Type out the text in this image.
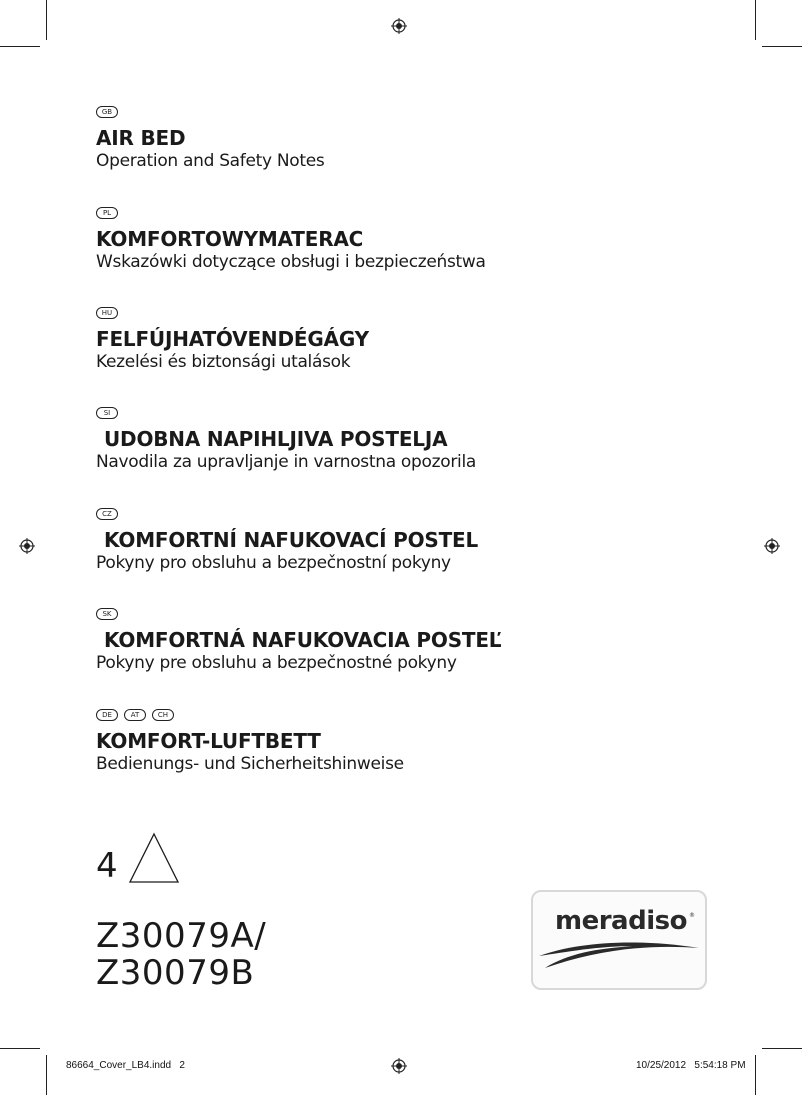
GB
AIR BED
Operation and Safety Notes
PL
KOMFORTOWYMATERAC
Wskazówki dotyczące obsługi i bezpieczeństwa
HU
FELFÚJHATÓVENDÉGÁGY
Kezelési és biztonsági utalások
SI
UDOBNA NAPIHLJIVA POSTELJA
Navodila za upravljanje in varnostna opozorila
CZ
KOMFORTNÍ NAFUKOVACÍ POSTEL
Pokyny pro obsluhu a bezpečnostní pokyny
SK
KOMFORTNÁ NAFUKOVACIA POSTEĽ
Pokyny pre obsluhu a bezpečnostné pokyny
DE	AT	CH
KOMFORT-LUFTBETT
Bedienungs- und Sicherheitshinweise
4
Z30079A/
Z30079B
meradiso ®
86664_Cover_LB4.indd   2	10/25/2012   5:54:18 PM
